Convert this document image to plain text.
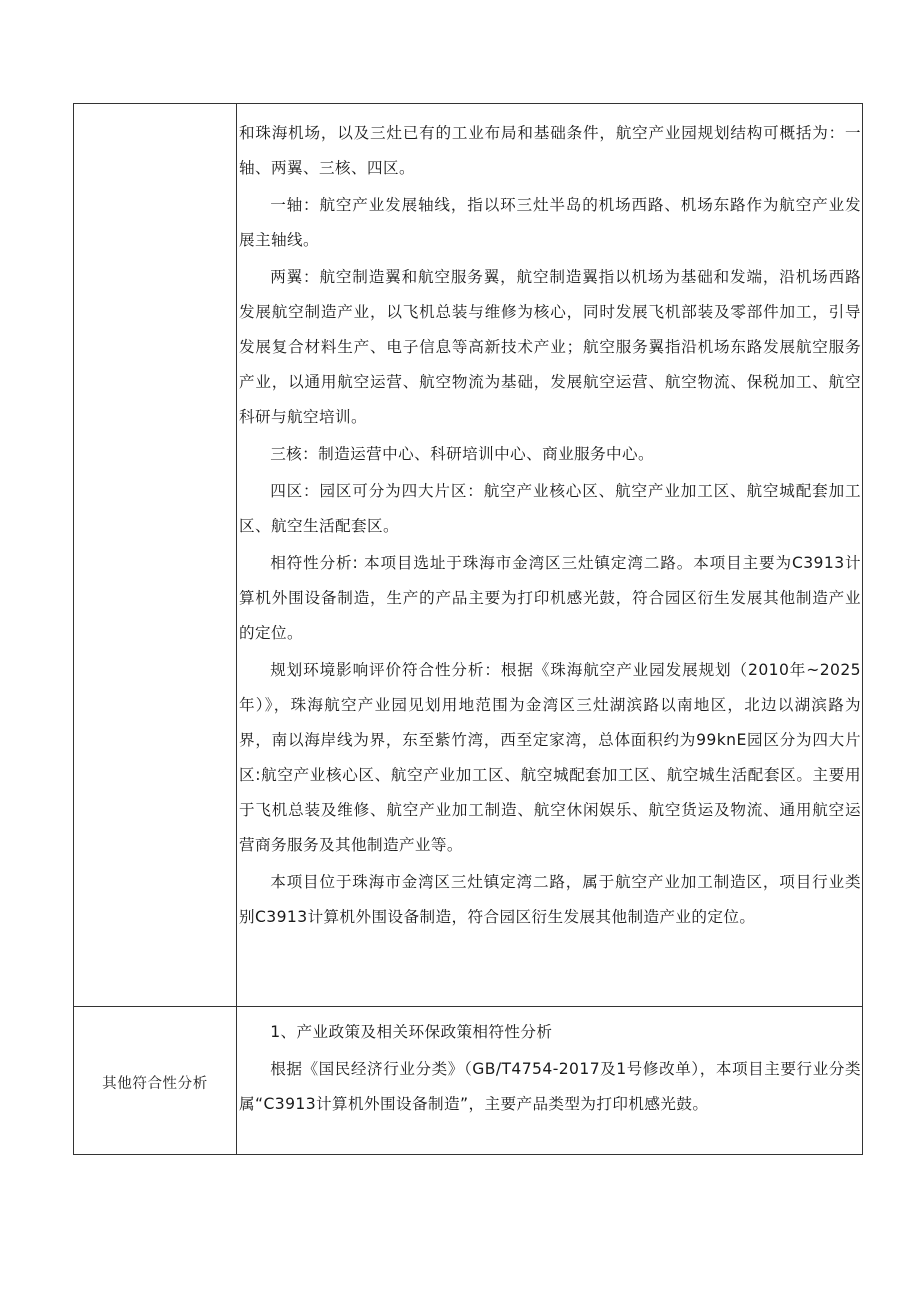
和珠海机场，以及三灶已有的工业布局和基础条件，航空产业园规划结构可概括为：一轴、两翼、三核、四区。
一轴：航空产业发展轴线，指以环三灶半岛的机场西路、机场东路作为航空产业发展主轴线。
两翼：航空制造翼和航空服务翼，航空制造翼指以机场为基础和发端，沿机场西路发展航空制造产业，以飞机总装与维修为核心，同时发展飞机部装及零部件加工，引导发展复合材料生产、电子信息等高新技术产业；航空服务翼指沿机场东路发展航空服务产业，以通用航空运营、航空物流为基础，发展航空运营、航空物流、保税加工、航空科研与航空培训。
三核：制造运营中心、科研培训中心、商业服务中心。
四区：园区可分为四大片区：航空产业核心区、航空产业加工区、航空城配套加工区、航空生活配套区。
相符性分析: 本项目选址于珠海市金湾区三灶镇定湾二路。本项目主要为C3913计算机外围设备制造，生产的产品主要为打印机感光鼓，符合园区衍生发展其他制造产业的定位。
规划环境影响评价符合性分析：根据《珠海航空产业园发展规划（2010年~2025年）》，珠海航空产业园见划用地范围为金湾区三灶湖滨路以南地区，北边以湖滨路为界，南以海岸线为界，东至紫竹湾，西至定家湾，总体面积约为99knE园区分为四大片区:航空产业核心区、航空产业加工区、航空城配套加工区、航空城生活配套区。主要用于飞机总装及维修、航空产业加工制造、航空休闲娱乐、航空货运及物流、通用航空运营商务服务及其他制造产业等。
本项目位于珠海市金湾区三灶镇定湾二路，属于航空产业加工制造区，项目行业类别C3913计算机外围设备制造，符合园区衍生发展其他制造产业的定位。
其他符合性分析
1、产业政策及相关环保政策相符性分析
根据《国民经济行业分类》（GB/T4754-2017及1号修改单），本项目主要行业分类属“C3913计算机外围设备制造”，主要产品类型为打印机感光鼓。
